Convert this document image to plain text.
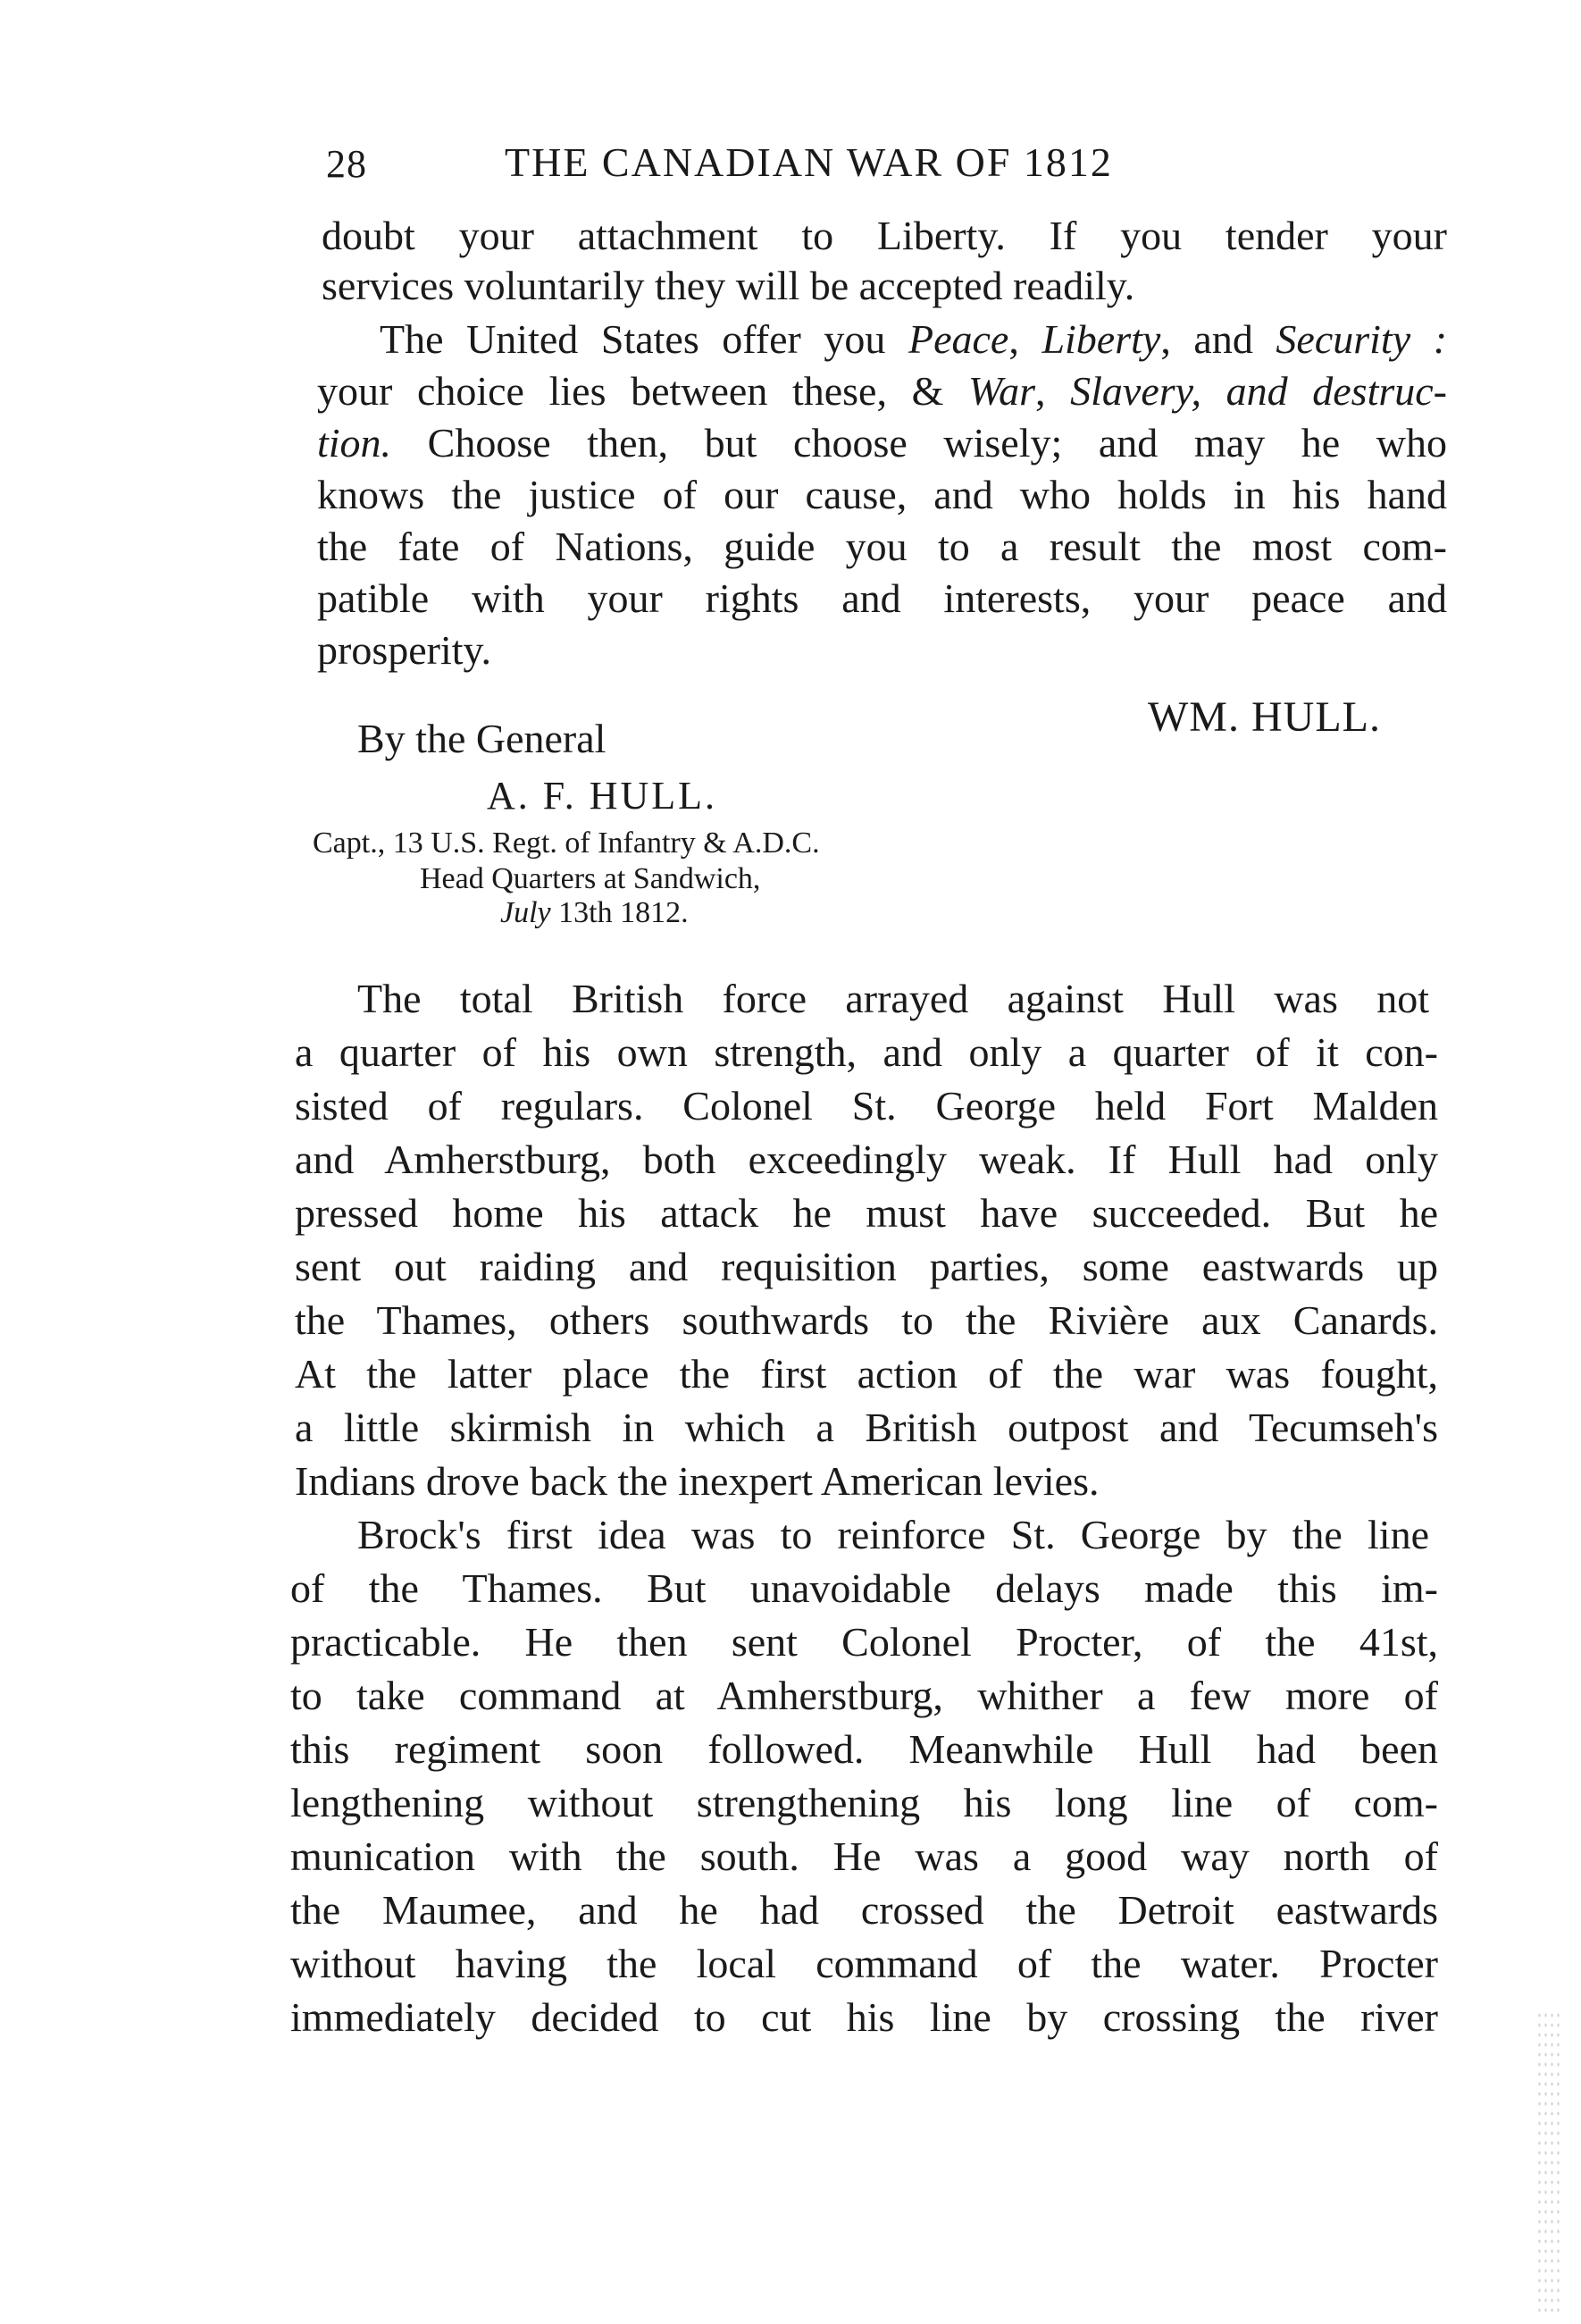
28	THE CANADIAN WAR OF 1812
doubt your attachment to Liberty. If you tender your
services voluntarily they will be accepted readily.
The United States offer you Peace, Liberty, and Security :
your choice lies between these, & War, Slavery, and destruc-
tion. Choose then, but choose wisely; and may he who
knows the justice of our cause, and who holds in his hand
the fate of Nations, guide you to a result the most com-
patible with your rights and interests, your peace and
prosperity.
WM. HULL.
By the General
A. F. HULL.
Capt., 13 U.S. Regt. of Infantry & A.D.C.
Head Quarters at Sandwich,
July 13th 1812.
The total British force arrayed against Hull was not
a quarter of his own strength, and only a quarter of it con-
sisted of regulars. Colonel St. George held Fort Malden
and Amherstburg, both exceedingly weak. If Hull had only
pressed home his attack he must have succeeded. But he
sent out raiding and requisition parties, some eastwards up
the Thames, others southwards to the Rivière aux Canards.
At the latter place the first action of the war was fought,
a little skirmish in which a British outpost and Tecumseh's
Indians drove back the inexpert American levies.
Brock's first idea was to reinforce St. George by the line
of the Thames. But unavoidable delays made this im-
practicable. He then sent Colonel Procter, of the 41st,
to take command at Amherstburg, whither a few more of
this regiment soon followed. Meanwhile Hull had been
lengthening without strengthening his long line of com-
munication with the south. He was a good way north of
the Maumee, and he had crossed the Detroit eastwards
without having the local command of the water. Procter
immediately decided to cut his line by crossing the river
